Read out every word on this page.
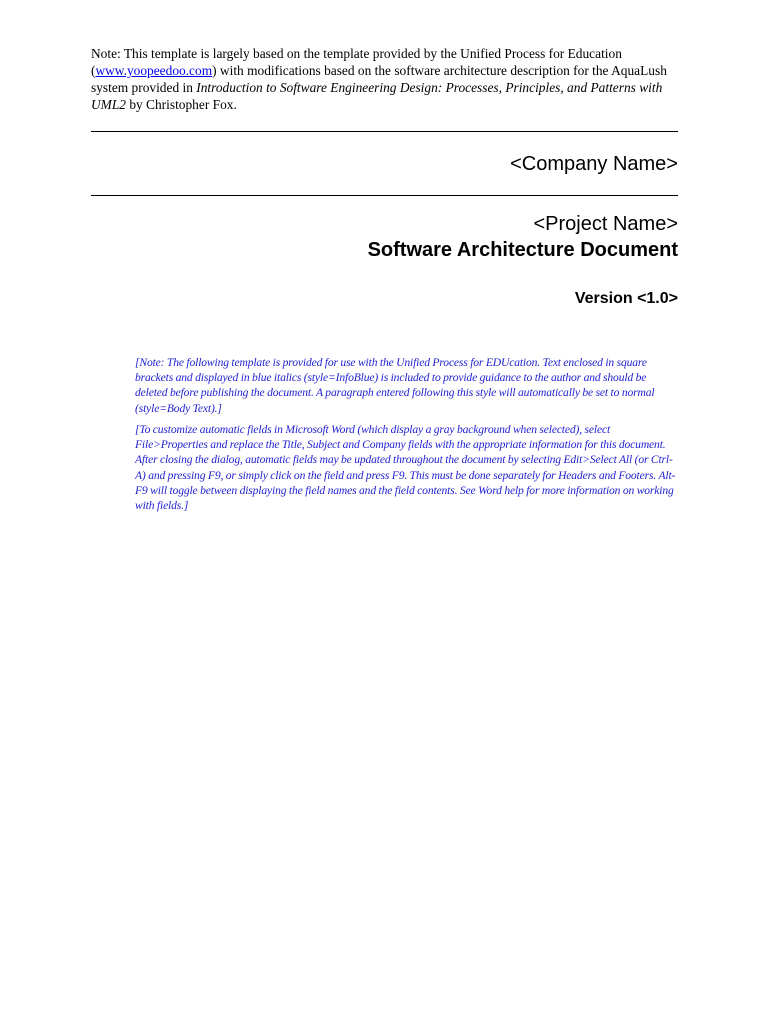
Note: This template is largely based on the template provided by the Unified Process for Education (www.yoopeedoo.com) with modifications based on the software architecture description for the AquaLush system provided in Introduction to Software Engineering Design: Processes, Principles, and Patterns with UML2 by Christopher Fox.
<Company Name>
<Project Name>
Software Architecture Document
Version <1.0>
[Note: The following template is provided for use with the Unified Process for EDUcation. Text enclosed in square brackets and displayed in blue italics (style=InfoBlue) is included to provide guidance to the author and should be deleted before publishing the document. A paragraph entered following this style will automatically be set to normal (style=Body Text).]
[To customize automatic fields in Microsoft Word (which display a gray background when selected), select File>Properties and replace the Title, Subject and Company fields with the appropriate information for this document. After closing the dialog, automatic fields may be updated throughout the document by selecting Edit>Select All (or Ctrl-A) and pressing F9, or simply click on the field and press F9. This must be done separately for Headers and Footers. Alt-F9 will toggle between displaying the field names and the field contents. See Word help for more information on working with fields.]
